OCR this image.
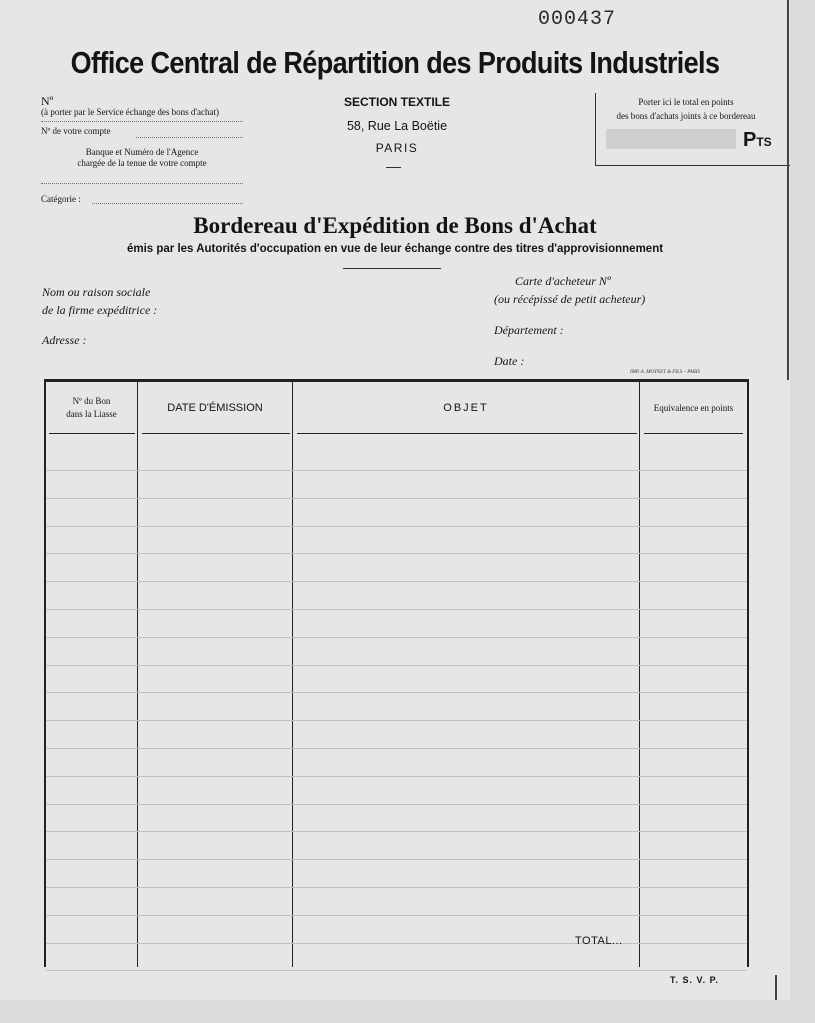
000437
Office Central de Répartition des Produits Industriels
Nº
(à porter par le Service échange des bons d'achat)
Nº de votre compte
Banque et Numéro de l'Agence
chargée de la tenue de votre compte
Catégorie :
SECTION TEXTILE
58, Rue La Boëtie
PARIS
Porter ici le total en points
des bons d'achats joints à ce bordereau
PTS
Bordereau d'Expédition de Bons d'Achat
émis par les Autorités d'occupation en vue de leur échange contre des titres d'approvisionnement
Nom ou raison sociale
de la firme expéditrice :
Adresse :
Carte d'acheteur Nº
(ou récépissé de petit acheteur)
Département :
Date :
IMP. A. MOYNET & FILS – PARIS
Nº du Bon
dans la Liasse	DATE D'ÉMISSION	OBJET	Equivalence en points
TOTAL...
T. S. V. P.
